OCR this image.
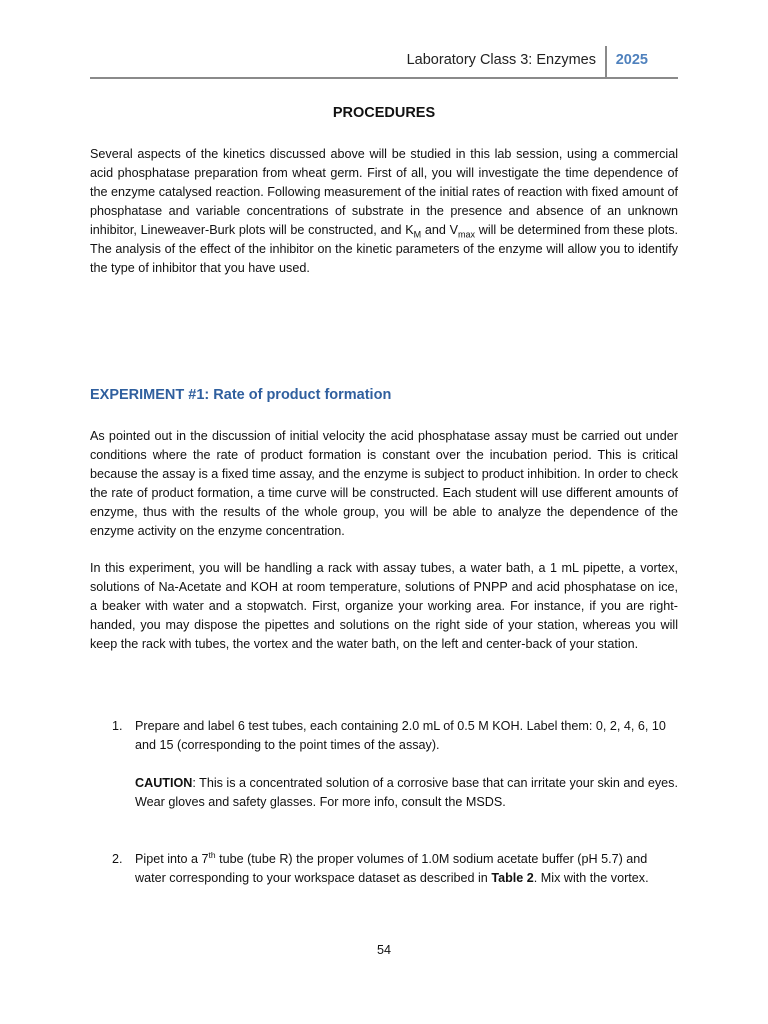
Laboratory Class 3: Enzymes 2025
PROCEDURES
Several aspects of the kinetics discussed above will be studied in this lab session, using a commercial acid phosphatase preparation from wheat germ. First of all, you will investigate the time dependence of the enzyme catalysed reaction. Following measurement of the initial rates of reaction with fixed amount of phosphatase and variable concentrations of substrate in the presence and absence of an unknown inhibitor, Lineweaver-Burk plots will be constructed, and $K_M$ and $V_{max}$ will be determined from these plots. The analysis of the effect of the inhibitor on the kinetic parameters of the enzyme will allow you to identify the type of inhibitor that you have used.
EXPERIMENT #1: Rate of product formation
As pointed out in the discussion of initial velocity the acid phosphatase assay must be carried out under conditions where the rate of product formation is constant over the incubation period. This is critical because the assay is a fixed time assay, and the enzyme is subject to product inhibition. In order to check the rate of product formation, a time curve will be constructed. Each student will use different amounts of enzyme, thus with the results of the whole group, you will be able to analyze the dependence of the enzyme activity on the enzyme concentration.
In this experiment, you will be handling a rack with assay tubes, a water bath, a 1 mL pipette, a vortex, solutions of Na-Acetate and KOH at room temperature, solutions of PNPP and acid phosphatase on ice, a beaker with water and a stopwatch. First, organize your working area. For instance, if you are right-handed, you may dispose the pipettes and solutions on the right side of your station, whereas you will keep the rack with tubes, the vortex and the water bath, on the left and center-back of your station.
1. Prepare and label 6 test tubes, each containing 2.0 mL of 0.5 M KOH. Label them: 0, 2, 4, 6, 10 and 15 (corresponding to the point times of the assay).
CAUTION: This is a concentrated solution of a corrosive base that can irritate your skin and eyes. Wear gloves and safety glasses. For more info, consult the MSDS.
2. Pipet into a 7th tube (tube R) the proper volumes of 1.0M sodium acetate buffer (pH 5.7) and water corresponding to your workspace dataset as described in Table 2. Mix with the vortex.
54
